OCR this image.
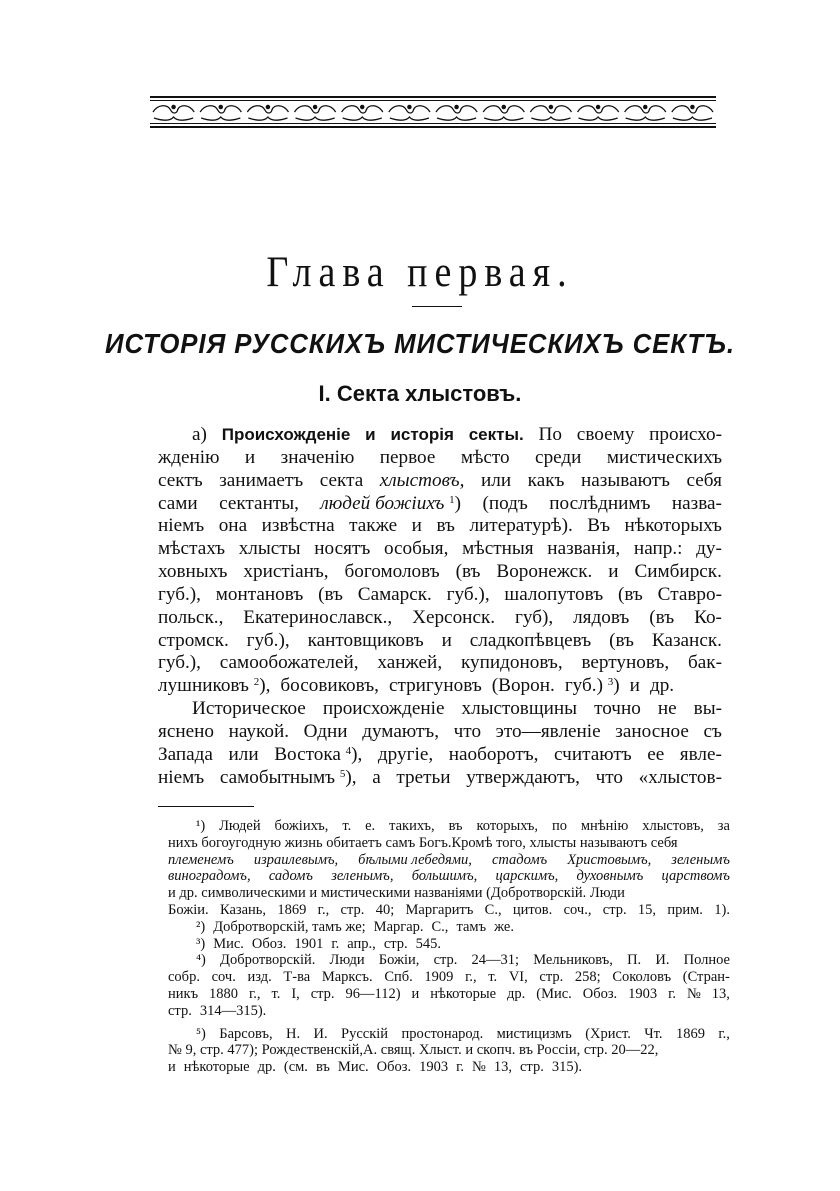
Глава первая.
ИСТОРІЯ РУССКИХЪ МИСТИЧЕСКИХЪ СЕКТЪ.
I. Секта хлыстовъ.
а) Происхожденіе и исторія секты. По своему происхо-
жденію и значенію первое мѣсто среди мистическихъ
сектъ занимаетъ секта хлыстовъ, или какъ называютъ себя
сами сектанты, людей божіихъ $^1$) (подъ послѣднимъ назва-
ніемъ она извѣстна также и въ литературѣ). Въ нѣкоторыхъ
мѣстахъ хлысты носятъ особыя, мѣстныя названія, напр.: ду-
ховныхъ христіанъ, богомоловъ (въ Воронежск. и Симбирск.
губ.), монтановъ (въ Самарск. губ.), шалопутовъ (въ Ставро-
польск., Екатеринославск., Херсонск. губ), лядовъ (въ Ко-
стромск. губ.), кантовщиковъ и сладкопѣвцевъ (въ Казанск.
губ.), самообожателей, ханжей, купидоновъ, вертуновъ, бак-
лушниковъ $^2$), босовиковъ, стригуновъ (Ворон. губ.) $^3$) и др.
Историческое происхожденіе хлыстовщины точно не вы-
яснено наукой. Одни думаютъ, что это—явленіе заносное съ
Запада или Востока $^4$), другіе, наоборотъ, считаютъ ее явле-
ніемъ самобытнымъ $^5$), а третьи утверждаютъ, что «хлыстов-
¹) Людей божіихъ, т. е. такихъ, въ которыхъ, по мнѣнію хлыстовъ, за
нихъ богоугодную жизнь обитаетъ самъ Богъ.Кромѣ того, хлысты называютъ себя
племенемъ израилевымъ, бѣлыми лебедями, стадомъ Христовымъ, зеленымъ
виноградомъ, садомъ зеленымъ, большимъ, царскимъ, духовнымъ царствомъ
и др. символическими и мистическими названіями (Добротворскій. Люди
Божіи. Казань, 1869 г., стр. 40; Маргаритъ С., цитов. соч., стр. 15, прим. 1).
²) Добротворскій, тамъ же; Маргар. С., тамъ же.
³) Мис. Обоз. 1901 г. апр., стр. 545.
⁴) Добротворскій. Люди Божіи, стр. 24—31; Мельниковъ, П. И. Полное
собр. соч. изд. Т-ва Марксъ. Спб. 1909 г., т. VI, стр. 258; Соколовъ (Стран-
никъ 1880 г., т. I, стр. 96—112) и нѣкоторые др. (Мис. Обоз. 1903 г. № 13,
стр. 314—315).
⁵) Барсовъ, Н. И. Русскій простонарод. мистицизмъ (Христ. Чт. 1869 г.,
№ 9, стр. 477); Рождественскій,А. свящ. Хлыст. и скопч. въ Россіи, стр. 20—22,
и нѣкоторые др. (см. въ Мис. Обоз. 1903 г. № 13, стр. 315).
